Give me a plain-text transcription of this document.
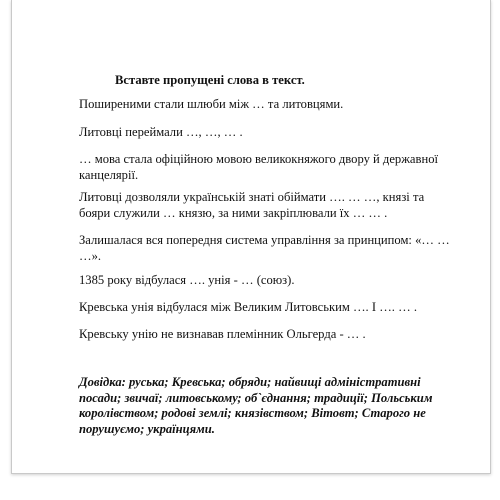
Вставте пропущені слова в текст.
Поширеними стали шлюби між … та литовцями.
Литовці переймали …, …, … .
… мова стала офіційною мовою великокняжого двору й державної канцелярії.
Литовці дозволяли українській знаті обіймати …. … …, князі та бояри служили … князю, за ними закріплювали їх … … .
Залишалася вся попередня система управління за принципом: «… … …».
1385 року відбулася …. унія - … (союз).
Кревська унія відбулася між Великим Литовським …. І …. … .
Кревську унію не визнавав племінник Ольгерда - … .

Довідка: руська; Кревська; обряди; найвищі адміністративні посади; звичаї; литовському; об`єднання; традиції; Польським королівством; родові землі; князівством; Вітовт; Старого не порушуємо; українцями.
